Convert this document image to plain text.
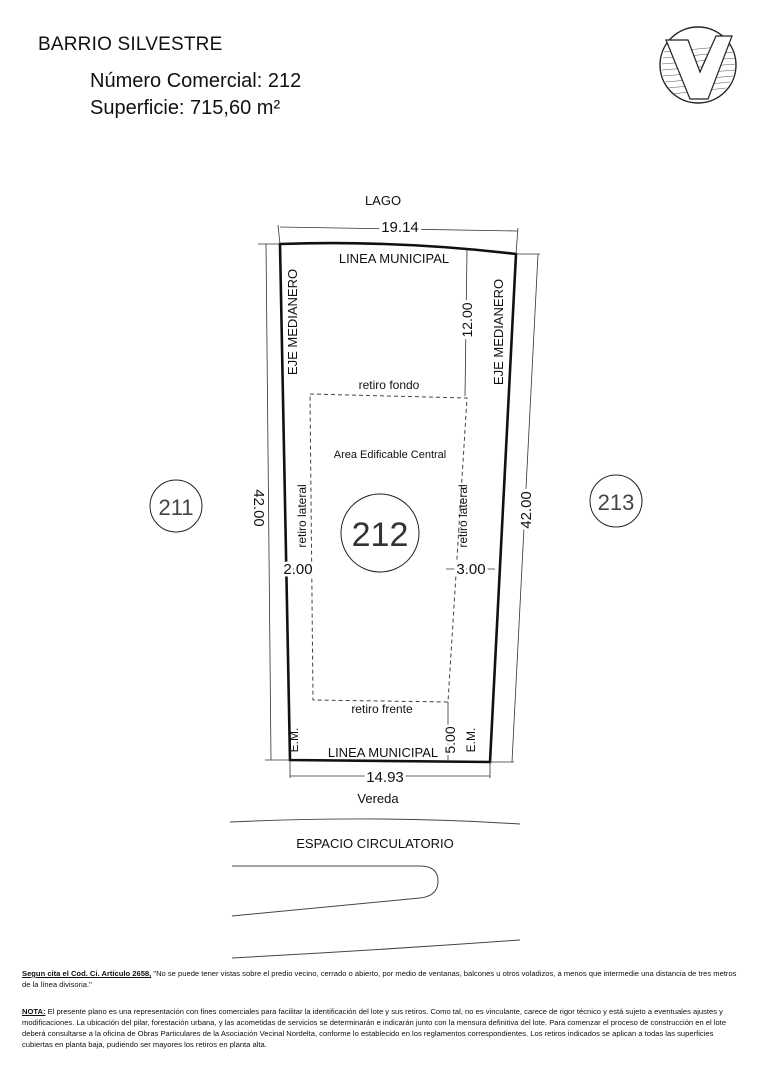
BARRIO SILVESTRE
Número Comercial: 212
Superficie: 715,60 m²
LAGO
19.14
LINEA MUNICIPAL
EJE MEDIANERO	EJE MEDIANERO
12.00
retiro fondo
Area Edificable Central
42.00	42.00
retiro lateral	retiro lateral
212
211	213
2.00	3.00
retiro frente
5.00
E.M.	E.M.
LINEA MUNICIPAL
14.93
Vereda
ESPACIO CIRCULATORIO
Segun cita el Cod. Ci. Artículo 2658, "No se puede tener vistas sobre el predio vecino, cerrado o abierto, por medio de ventanas, balcones u otros voladizos, a menos que intermedie una distancia de tres metros de la línea divisoria."
NOTA: El presente plano es una representación con fines comerciales para facilitar la identificación del lote y sus retiros. Como tal, no es vinculante, carece de rigor técnico y está sujeto a eventuales ajustes y modificaciones. La ubicación del pilar, forestación urbana, y las acometidas de servicios se determinarán e indicarán junto con la mensura definitiva del lote. Para comenzar el proceso de construcción en el lote deberá consultarse a la oficina de Obras Particulares de la Asociación Vecinal Nordelta, conforme lo establecido en los reglamentos correspondientes. Los retiros indicados se aplican a todas las superficies cubiertas en planta baja, pudiendo ser mayores los retiros en planta alta.
